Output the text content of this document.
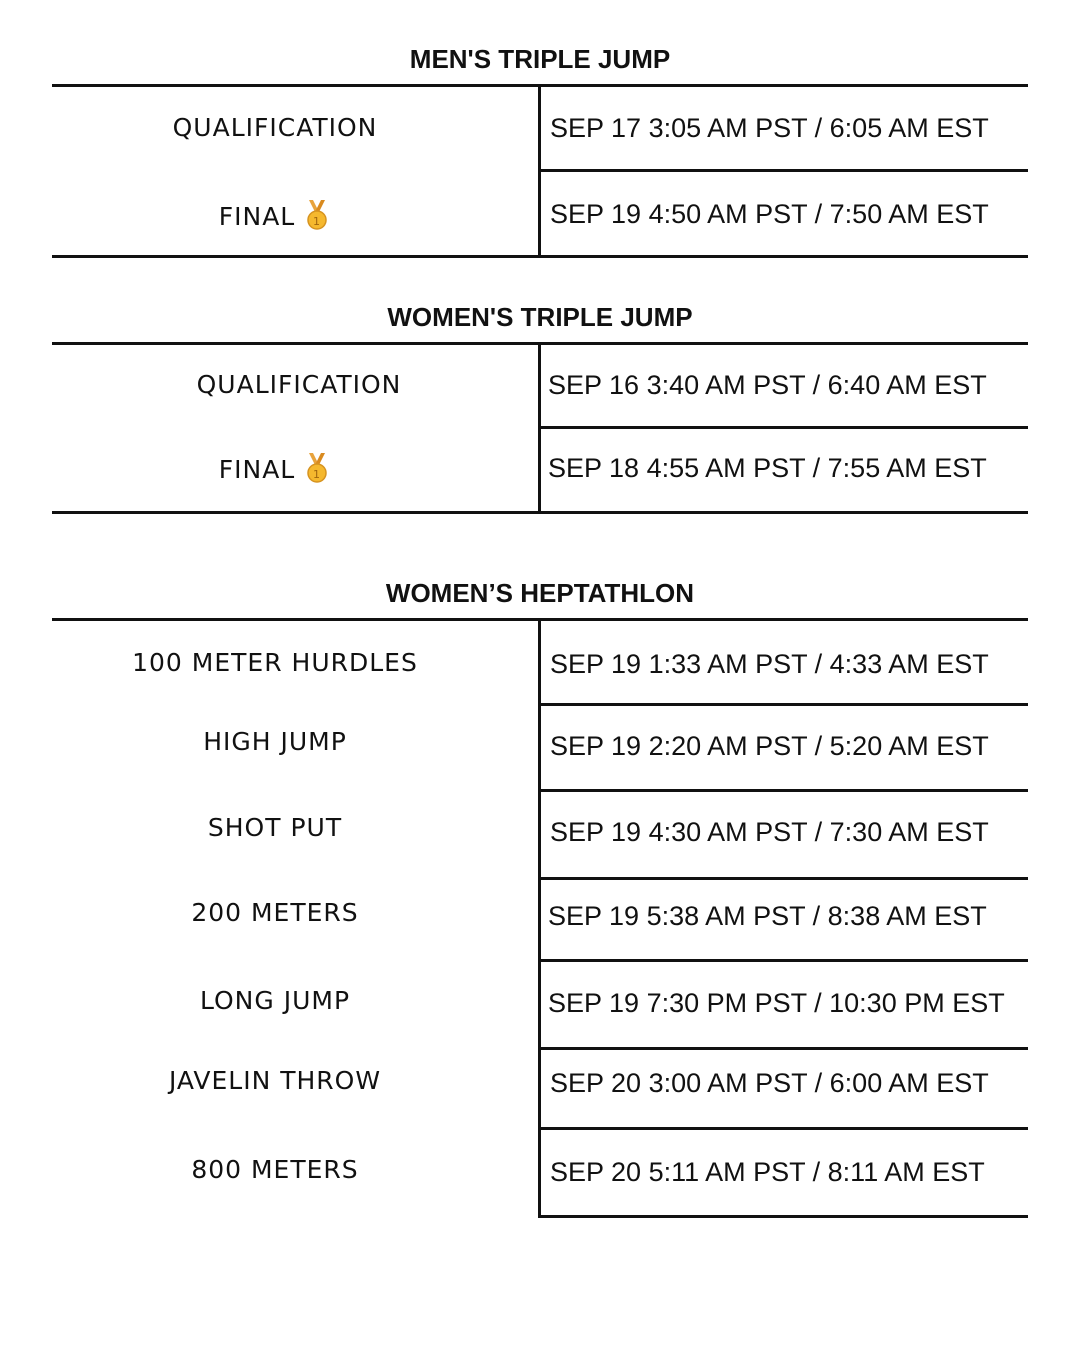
MEN'S TRIPLE JUMP
QUALIFICATION	SEP 17 3:05 AM PST / 6:05 AM EST
FINAL 1	SEP 19 4:50 AM PST / 7:50 AM EST
WOMEN'S TRIPLE JUMP
QUALIFICATION	SEP 16 3:40 AM PST / 6:40 AM EST
FINAL 1	SEP 18 4:55 AM PST / 7:55 AM EST
WOMEN’S HEPTATHLON
100 METER HURDLES	SEP 19 1:33 AM PST / 4:33 AM EST
HIGH JUMP	SEP 19 2:20 AM PST / 5:20 AM EST
SHOT PUT	SEP 19 4:30 AM PST / 7:30 AM EST
200 METERS	SEP 19 5:38 AM PST / 8:38 AM EST
LONG JUMP	SEP 19 7:30 PM PST / 10:30 PM EST
JAVELIN THROW	SEP 20 3:00 AM PST / 6:00 AM EST
800 METERS	SEP 20 5:11 AM PST / 8:11 AM EST
